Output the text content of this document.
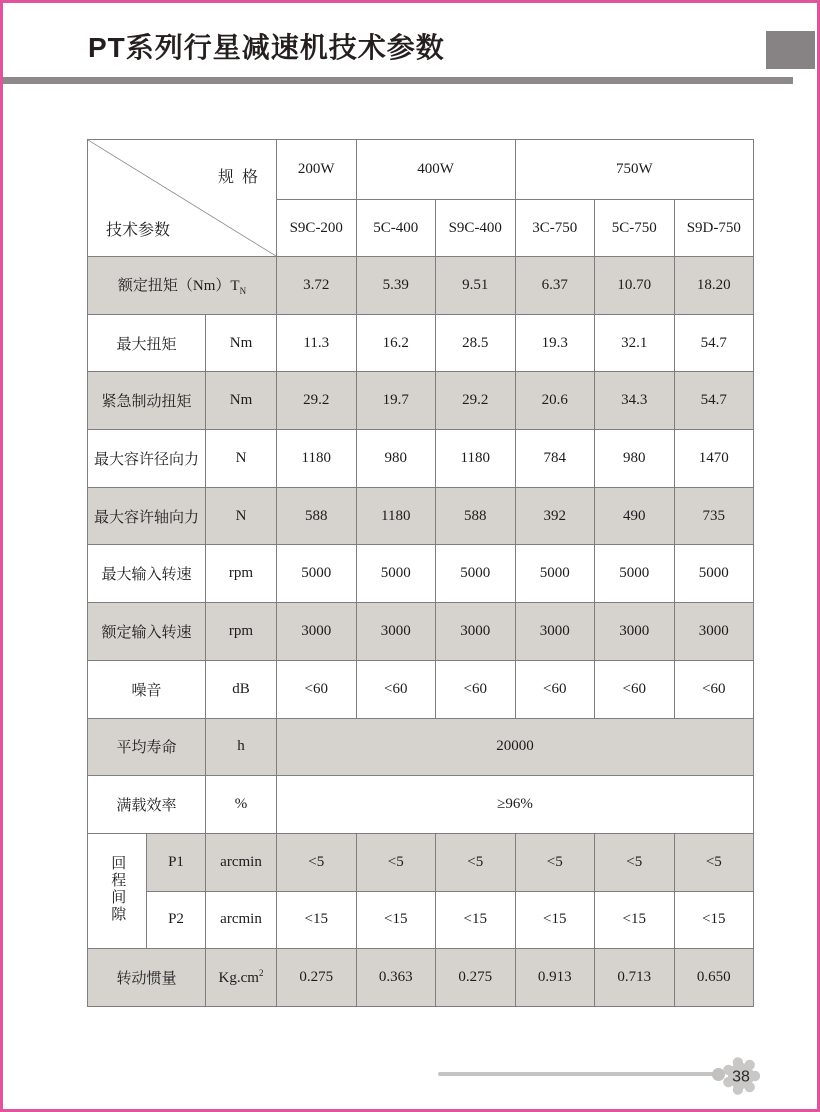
PT系列行星减速机技术参数
规 格
技术参数			200W	400W		750W		
			S9C-200	5C-400	S9C-400	3C-750	5C-750	S9D-750
额定扭矩$(Nm)T_N$			3.72	5.39	9.51	6.37	10.70	18.20
最大扭矩		Nm	11.3	16.2	28.5	19.3	32.1	54.7
紧急制动扭矩		Nm	29.2	19.7	29.2	20.6	34.3	54.7
最大容许径向力		N	1180	980	1180	784	980	1470
最大容许轴向力		N	588	1180	588	392	490	735
最大输入转速		rpm	5000	5000	5000	5000	5000	5000
额定输入转速		rpm	3000	3000	3000	3000	3000	3000
噪音		dB	<60	<60	<60	<60	<60	<60
平均寿命		h	20000					
满载效率		%	≥96%					
回程间隙	P1	arcmin	<5	<5	<5	<5	<5	<5
	P2	arcmin	<15	<15	<15	<15	<15	<15
转动惯量		$Kg.cm^2$	0.275	0.363	0.275	0.913	0.713	0.650
38
